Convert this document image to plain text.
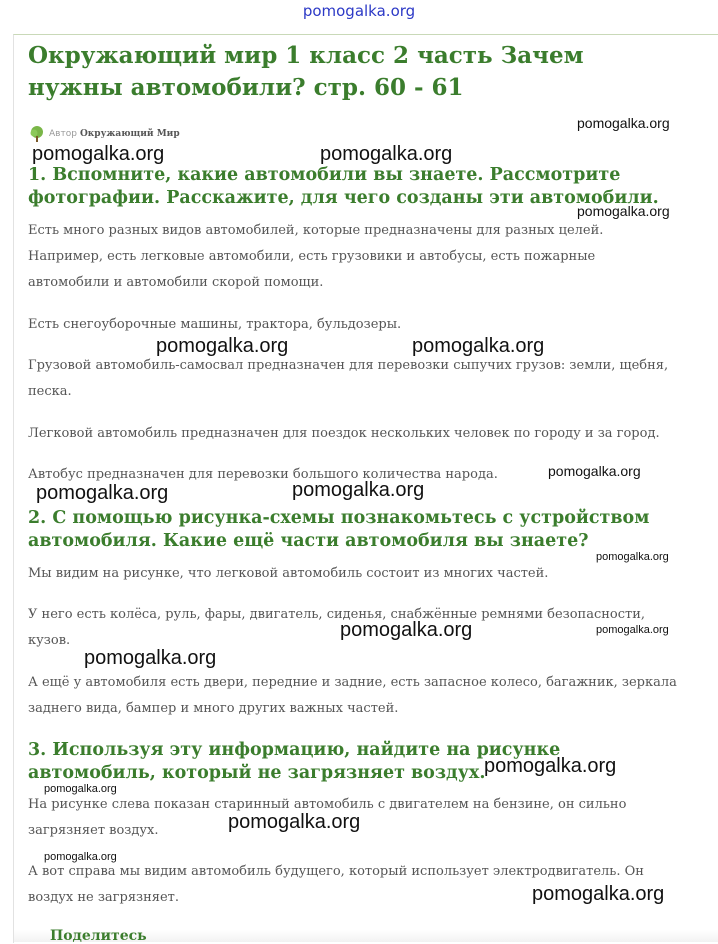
pomogalka.org
Окружающий мир 1 класс 2 часть Зачем нужны автомобили? стр. 60 - 61
Автор Окружающий Мир
1. Вспомните, какие автомобили вы знаете. Рассмотрите фотографии. Расскажите, для чего созданы эти автомобили.

Есть много разных видов автомобилей, которые предназначены для разных целей. Например, есть легковые автомобили, есть грузовики и автобусы, есть пожарные автомобили и автомобили скорой помощи.

Есть снегоуборочные машины, трактора, бульдозеры.

Грузовой автомобиль-самосвал предназначен для перевозки сыпучих грузов: земли, щебня, песка.

Легковой автомобиль предназначен для поездок нескольких человек по городу и за город.

Автобус предназначен для перевозки большого количества народа.

2. С помощью рисунка-схемы познакомьтесь с устройством автомобиля. Какие ещё части автомобиля вы знаете?

Мы видим на рисунке, что легковой автомобиль состоит из многих частей.

У него есть колёса, руль, фары, двигатель, сиденья, снабжённые ремнями безопасности, кузов.

А ещё у автомобиля есть двери, передние и задние, есть запасное колесо, багажник, зеркала заднего вида, бампер и много других важных частей.

3. Используя эту информацию, найдите на рисунке автомобиль, который не загрязняет воздух.

На рисунке слева показан старинный автомобиль с двигателем на бензине, он сильно загрязняет воздух.

А вот справа мы видим автомобиль будущего, который использует электродвигатель. Он воздух не загрязняет.

pomogalka.org
pomogalka.org	pomogalka.org
pomogalka.org
pomogalka.org	pomogalka.org
pomogalka.org
pomogalka.org	pomogalka.org
pomogalka.org
pomogalka.org	pomogalka.org
pomogalka.org
pomogalka.org
pomogalka.org
pomogalka.org
pomogalka.org
pomogalka.org
Поделитесь
